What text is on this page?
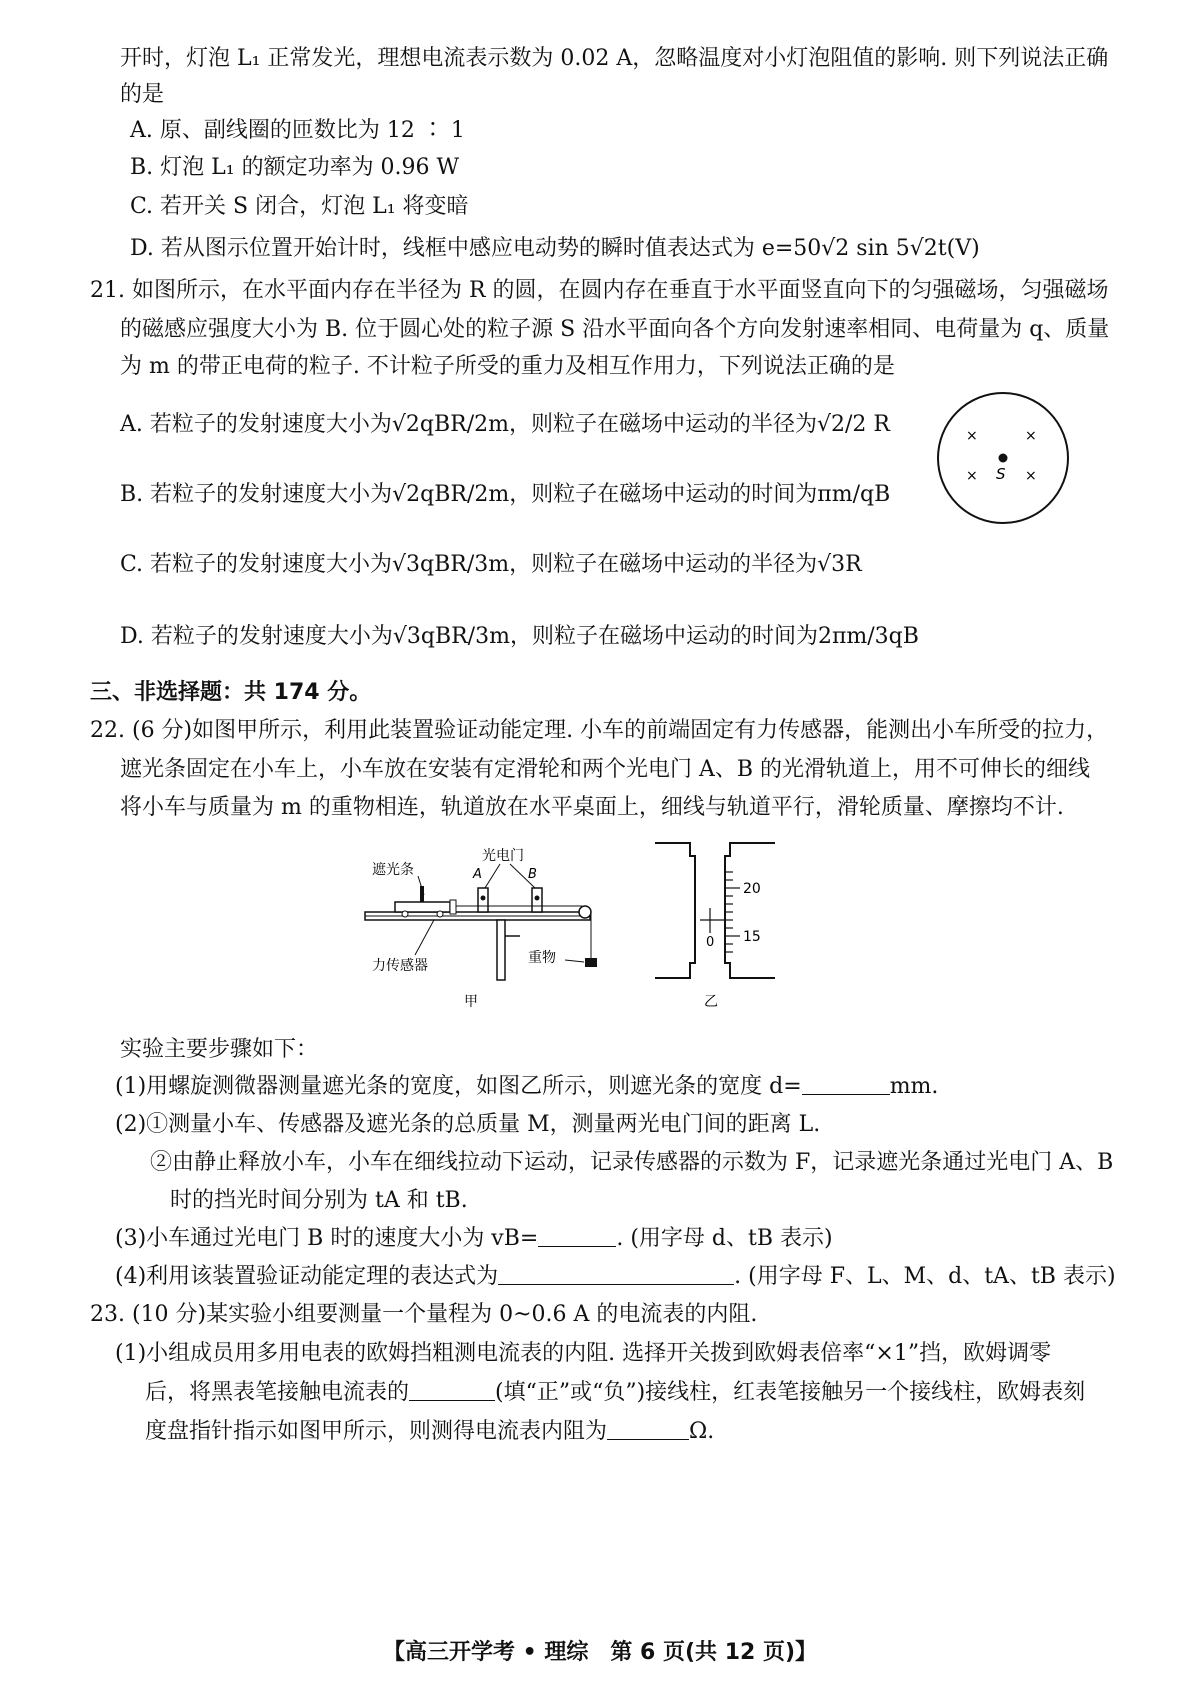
开时，灯泡 L₁ 正常发光，理想电流表示数为 0.02 A，忽略温度对小灯泡阻值的影响. 则下列说法正确
的是
A. 原、副线圈的匝数比为 12 ∶ 1
B. 灯泡 L₁ 的额定功率为 0.96 W
C. 若开关 S 闭合，灯泡 L₁ 将变暗
D. 若从图示位置开始计时，线框中感应电动势的瞬时值表达式为 e=50√2 sin 5√2t(V)
21. 如图所示，在水平面内存在半径为 R 的圆，在圆内存在垂直于水平面竖直向下的匀强磁场，匀强磁场
的磁感应强度大小为 B. 位于圆心处的粒子源 S 沿水平面向各个方向发射速率相同、电荷量为 q、质量
为 m 的带正电荷的粒子. 不计粒子所受的重力及相互作用力，下列说法正确的是
A. 若粒子的发射速度大小为√2qBR/2m，则粒子在磁场中运动的半径为√2/2 R
B. 若粒子的发射速度大小为√2qBR/2m，则粒子在磁场中运动的时间为πm/qB
C. 若粒子的发射速度大小为√3qBR/3m，则粒子在磁场中运动的半径为√3R
D. 若粒子的发射速度大小为√3qBR/3m，则粒子在磁场中运动的时间为2πm/3qB
×	×
×	×
S
三、非选择题：共 174 分。
22. (6 分)如图甲所示，利用此装置验证动能定理. 小车的前端固定有力传感器，能测出小车所受的拉力，
遮光条固定在小车上，小车放在安装有定滑轮和两个光电门 A、B 的光滑轨道上，用不可伸长的细线
将小车与质量为 m 的重物相连，轨道放在水平桌面上，细线与轨道平行，滑轮质量、摩擦均不计.
遮光条
光电门
A	B
力传感器	重物
甲
20
15
0
乙
实验主要步骤如下：
(1)用螺旋测微器测量遮光条的宽度，如图乙所示，则遮光条的宽度 d=	mm.
(2)①测量小车、传感器及遮光条的总质量 M，测量两光电门间的距离 L.
②由静止释放小车，小车在细线拉动下运动，记录传感器的示数为 F，记录遮光条通过光电门 A、B
时的挡光时间分别为 tA 和 tB.
(3)小车通过光电门 B 时的速度大小为 vB=	. (用字母 d、tB 表示)
(4)利用该装置验证动能定理的表达式为	. (用字母 F、L、M、d、tA、tB 表示)
23. (10 分)某实验小组要测量一个量程为 0~0.6 A 的电流表的内阻.
(1)小组成员用多用电表的欧姆挡粗测电流表的内阻. 选择开关拨到欧姆表倍率“×1”挡，欧姆调零
后，将黑表笔接触电流表的	(填“正”或“负”)接线柱，红表笔接触另一个接线柱，欧姆表刻
度盘指针指示如图甲所示，则测得电流表内阻为	Ω.
【高三开学考 • 理综　第 6 页(共 12 页)】
